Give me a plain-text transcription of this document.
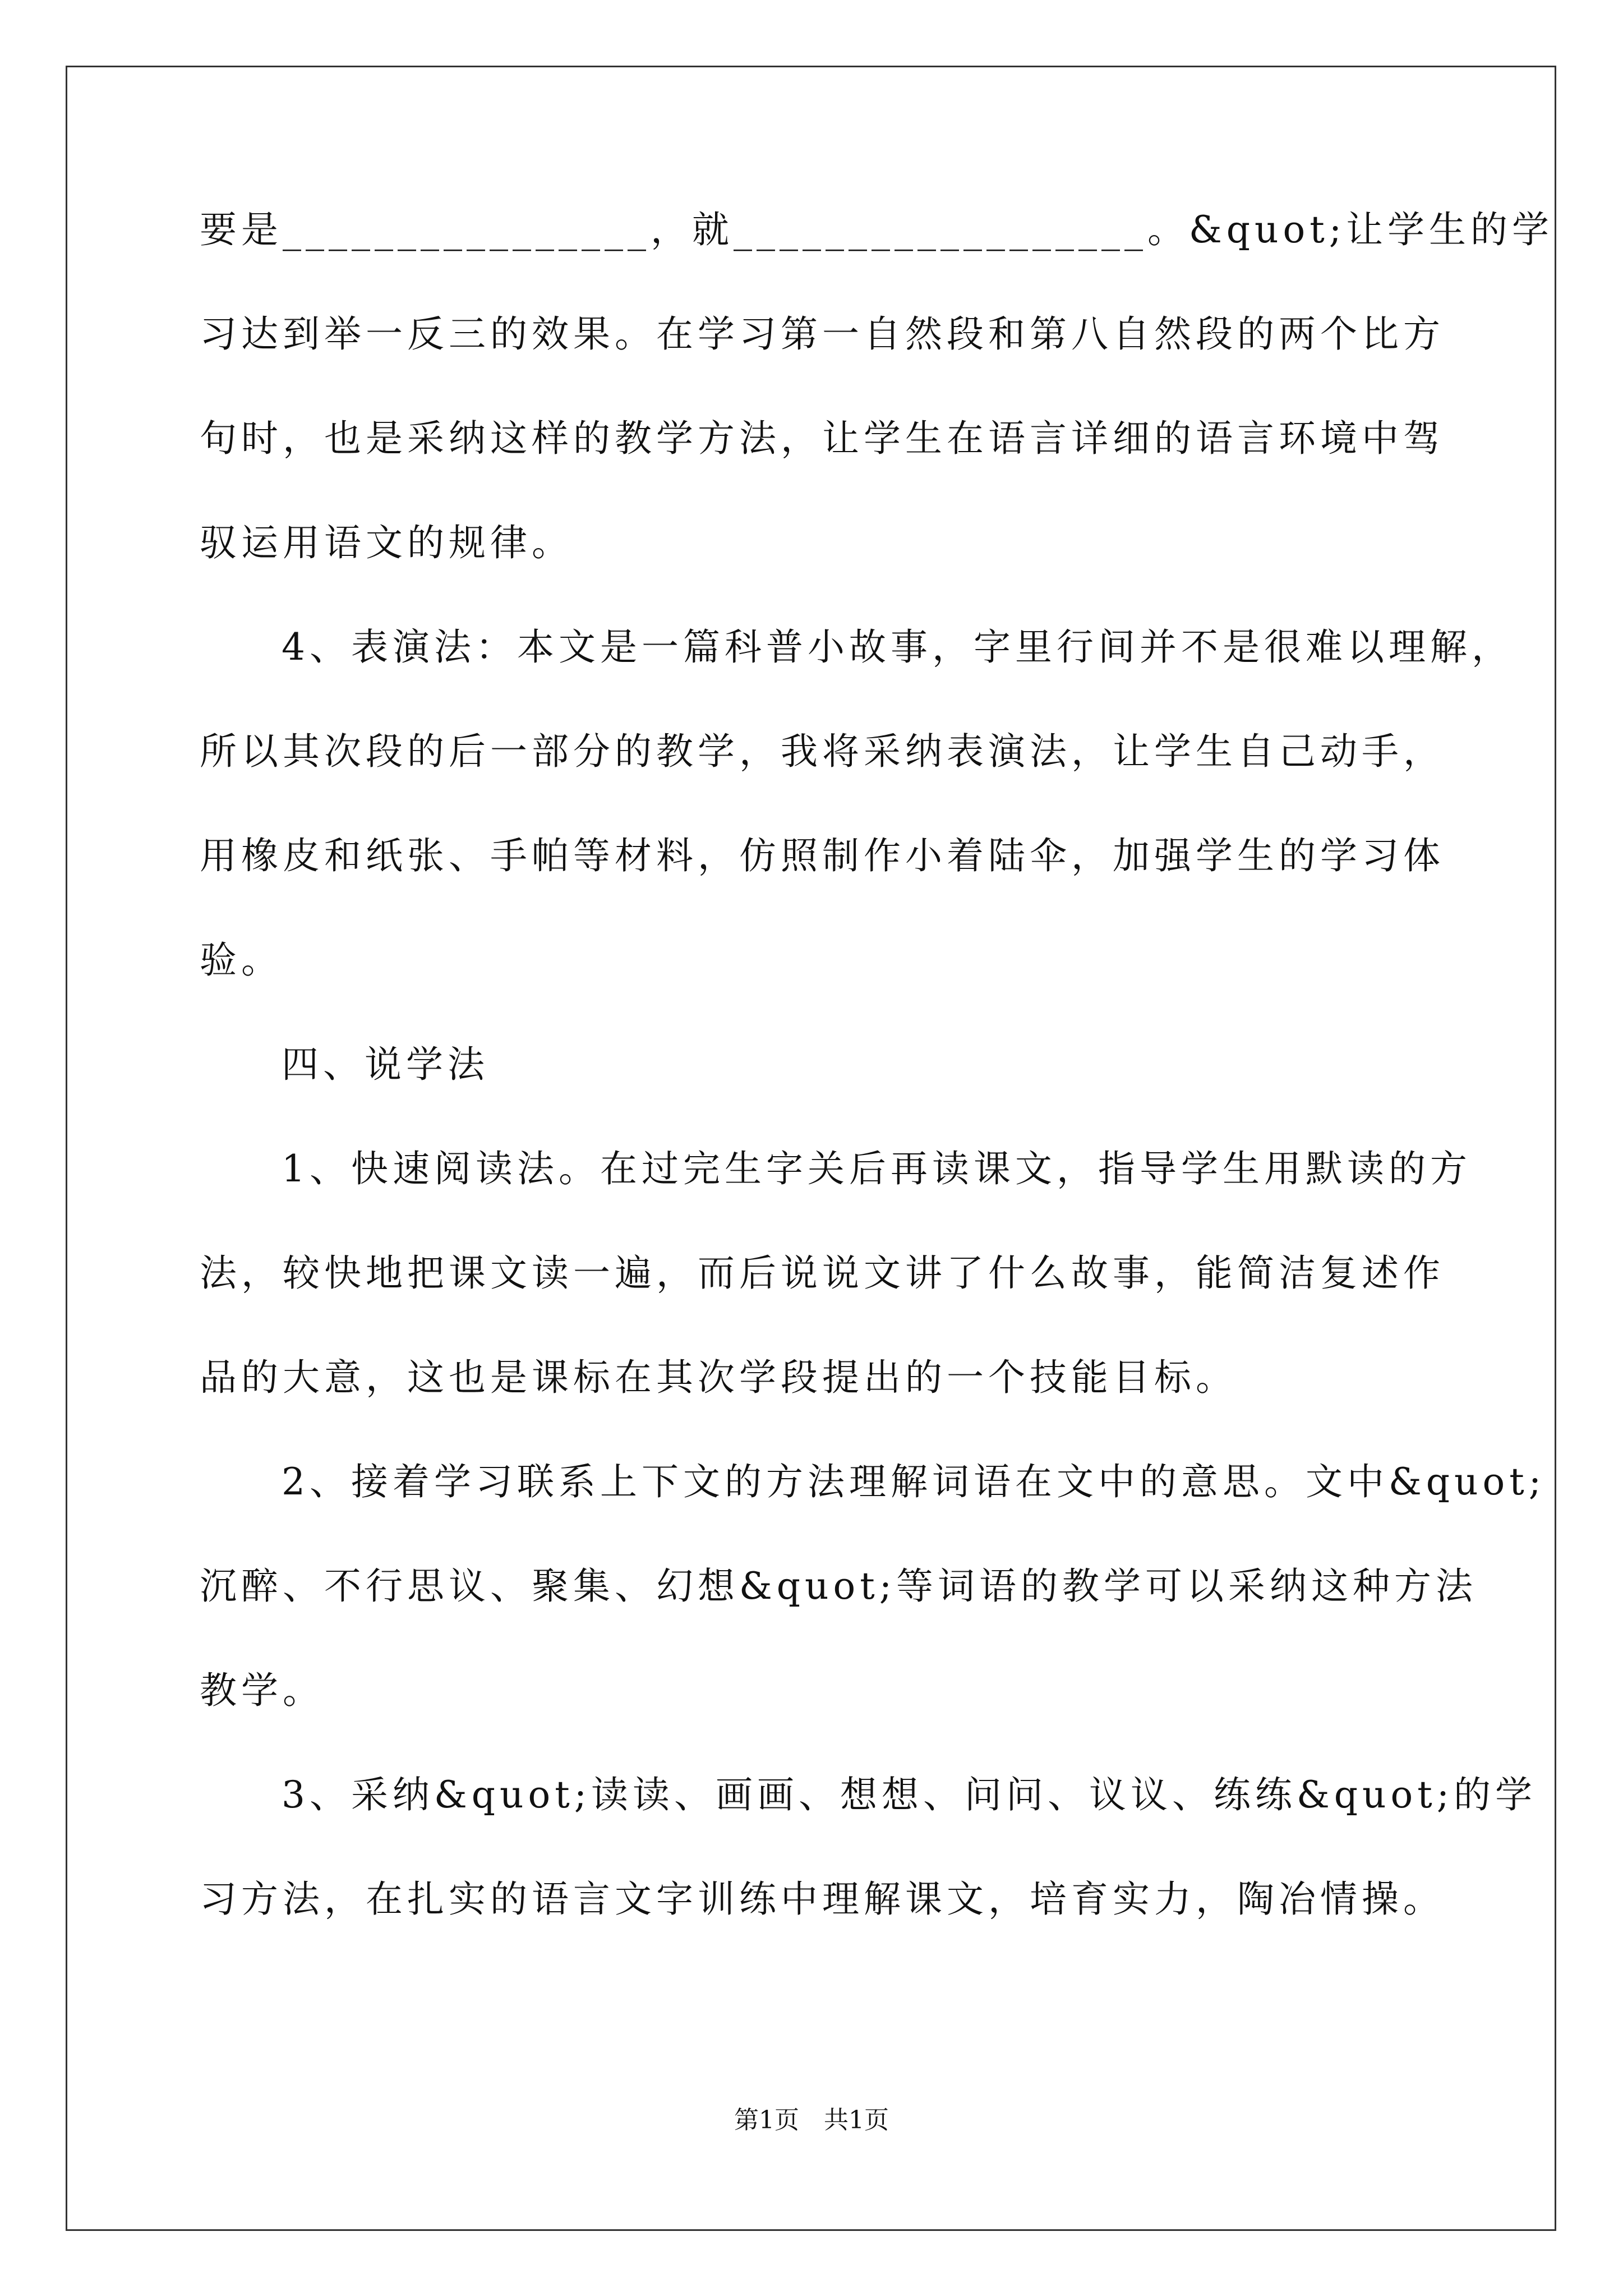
要是________________，就__________________。&quot;让学生的学
习达到举一反三的效果。在学习第一自然段和第八自然段的两个比方
句时，也是采纳这样的教学方法，让学生在语言详细的语言环境中驾
驭运用语文的规律。
4、表演法：本文是一篇科普小故事，字里行间并不是很难以理解，
所以其次段的后一部分的教学，我将采纳表演法，让学生自己动手，
用橡皮和纸张、手帕等材料，仿照制作小着陆伞，加强学生的学习体
验。
四、说学法
1、快速阅读法。在过完生字关后再读课文，指导学生用默读的方
法，较快地把课文读一遍，而后说说文讲了什么故事，能简洁复述作
品的大意，这也是课标在其次学段提出的一个技能目标。
2、接着学习联系上下文的方法理解词语在文中的意思。文中&quot;
沉醉、不行思议、聚集、幻想&quot;等词语的教学可以采纳这种方法
教学。
3、采纳&quot;读读、画画、想想、问问、议议、练练&quot;的学
习方法，在扎实的语言文字训练中理解课文，培育实力，陶冶情操。
第1页　共1页
